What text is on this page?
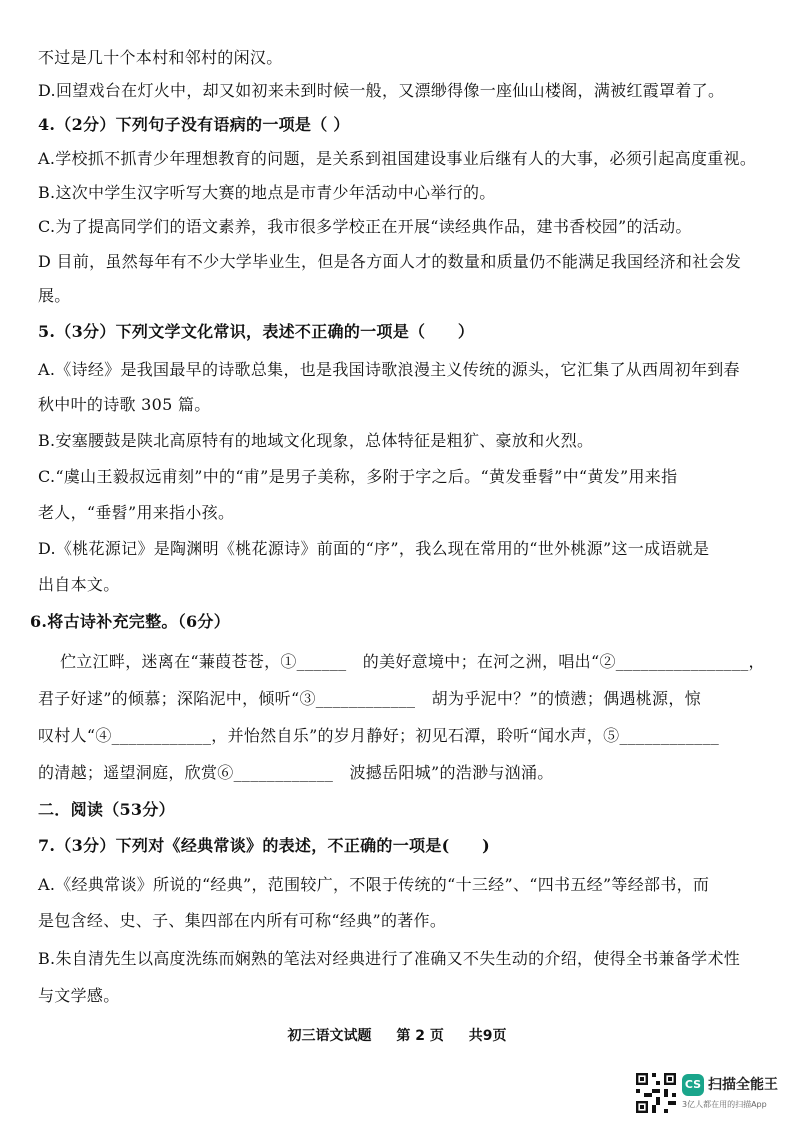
不过是几十个本村和邻村的闲汉。
D.回望戏台在灯火中，却又如初来未到时候一般，又漂缈得像一座仙山楼阁，满被红霞罩着了。
4.（2分）下列句子没有语病的一项是（ ）
A.学校抓不抓青少年理想教育的问题，是关系到祖国建设事业后继有人的大事，必须引起高度重视。
B.这次中学生汉字听写大赛的地点是市青少年活动中心举行的。
C.为了提高同学们的语文素养，我市很多学校正在开展“读经典作品，建书香校园”的活动。
D 目前，虽然每年有不少大学毕业生，但是各方面人才的数量和质量仍不能满足我国经济和社会发
展。
5.（3分）下列文学文化常识，表述不正确的一项是（　　）
A.《诗经》是我国最早的诗歌总集，也是我国诗歌浪漫主义传统的源头，它汇集了从西周初年到春
秋中叶的诗歌 305 篇。
B.安塞腰鼓是陕北高原特有的地域文化现象，总体特征是粗犷、豪放和火烈。
C.“虞山王毅叔远甫刻”中的“甫”是男子美称，多附于字之后。“黄发垂髫”中“黄发”用来指
老人，“垂髫”用来指小孩。
D.《桃花源记》是陶渊明《桃花源诗》前面的“序”，我么现在常用的“世外桃源”这一成语就是
出自本文。
6.将古诗补充完整。（6分）
伫立江畔，迷离在“蒹葭苍苍，①______　的美好意境中；在河之洲，唱出“②________________，
君子好逑”的倾慕；深陷泥中，倾听“③____________　胡为乎泥中？”的愤懑；偶遇桃源，惊
叹村人“④____________，并怡然自乐”的岁月静好；初见石潭，聆听“闻水声，⑤____________
的清越；遥望洞庭，欣赏⑥____________　波撼岳阳城”的浩渺与汹涌。
二．阅读（53分）
7.（3分）下列对《经典常谈》的表述，不正确的一项是(　　)
A.《经典常谈》所说的“经典”，范围较广，不限于传统的“十三经”、“四书五经”等经部书，而
是包含经、史、子、集四部在内所有可称“经典”的著作。
B.朱自清先生以高度洗练而娴熟的笔法对经典进行了准确又不失生动的介绍，使得全书兼备学术性
与文学感。
初三语文试题 第 2 页 共9页
CS 扫描全能王
3亿人都在用的扫描App
